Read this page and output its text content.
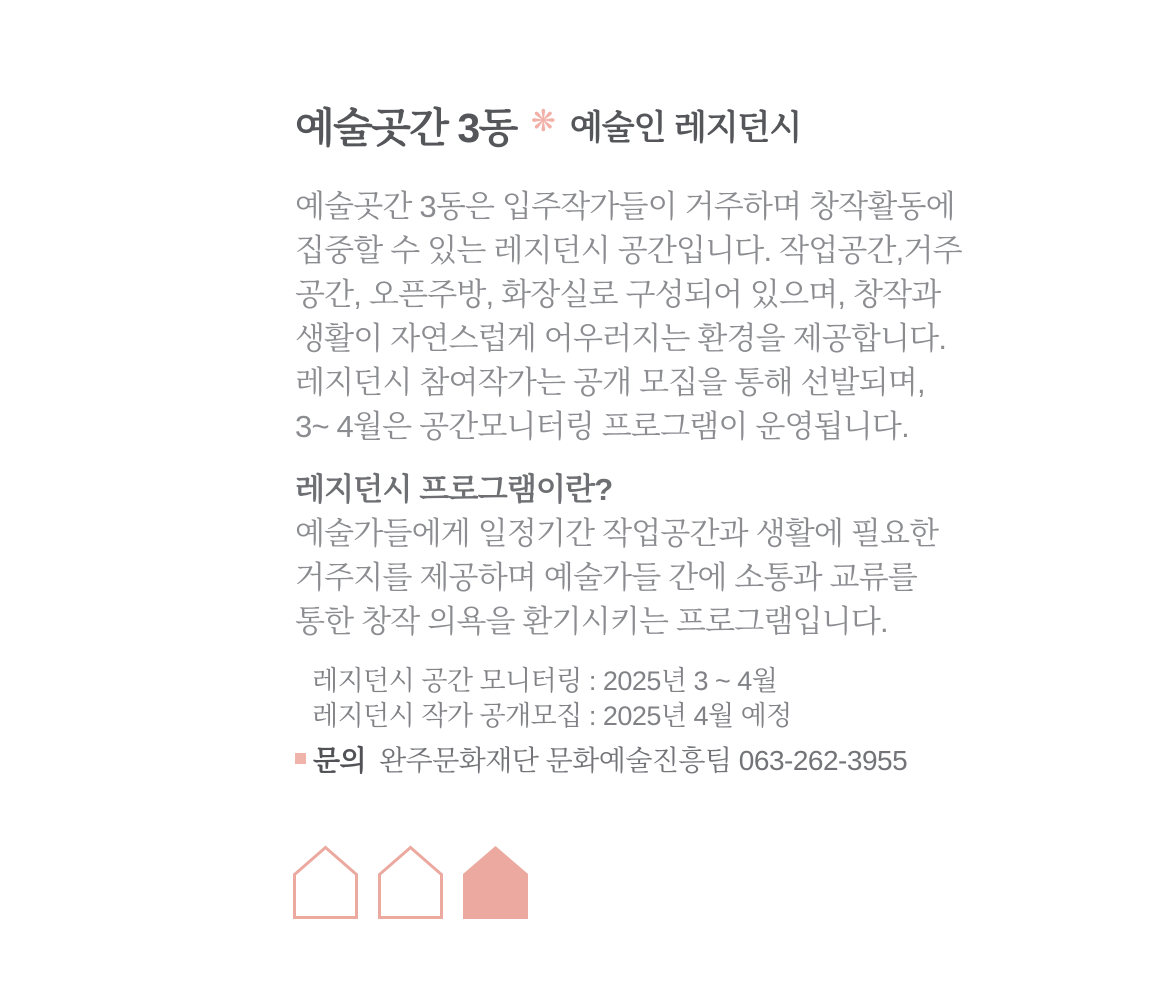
예술곳간 3동 ❋ 예술인 레지던시
예술곳간 3동은 입주작가들이 거주하며 창작활동에
집중할 수 있는 레지던시 공간입니다. 작업공간,거주
공간, 오픈주방, 화장실로 구성되어 있으며, 창작과
생활이 자연스럽게 어우러지는 환경을 제공합니다.
레지던시 참여작가는 공개 모집을 통해 선발되며,
3~ 4월은 공간모니터링 프로그램이 운영됩니다.
레지던시 프로그램이란?
예술가들에게 일정기간 작업공간과 생활에 필요한
거주지를 제공하며 예술가들 간에 소통과 교류를
통한 창작 의욕을 환기시키는 프로그램입니다.
레지던시 공간 모니터링 : 2025년 3 ~ 4월
레지던시 작가 공개모집 : 2025년 4월 예정
문의 완주문화재단 문화예술진흥팀 063-262-3955
